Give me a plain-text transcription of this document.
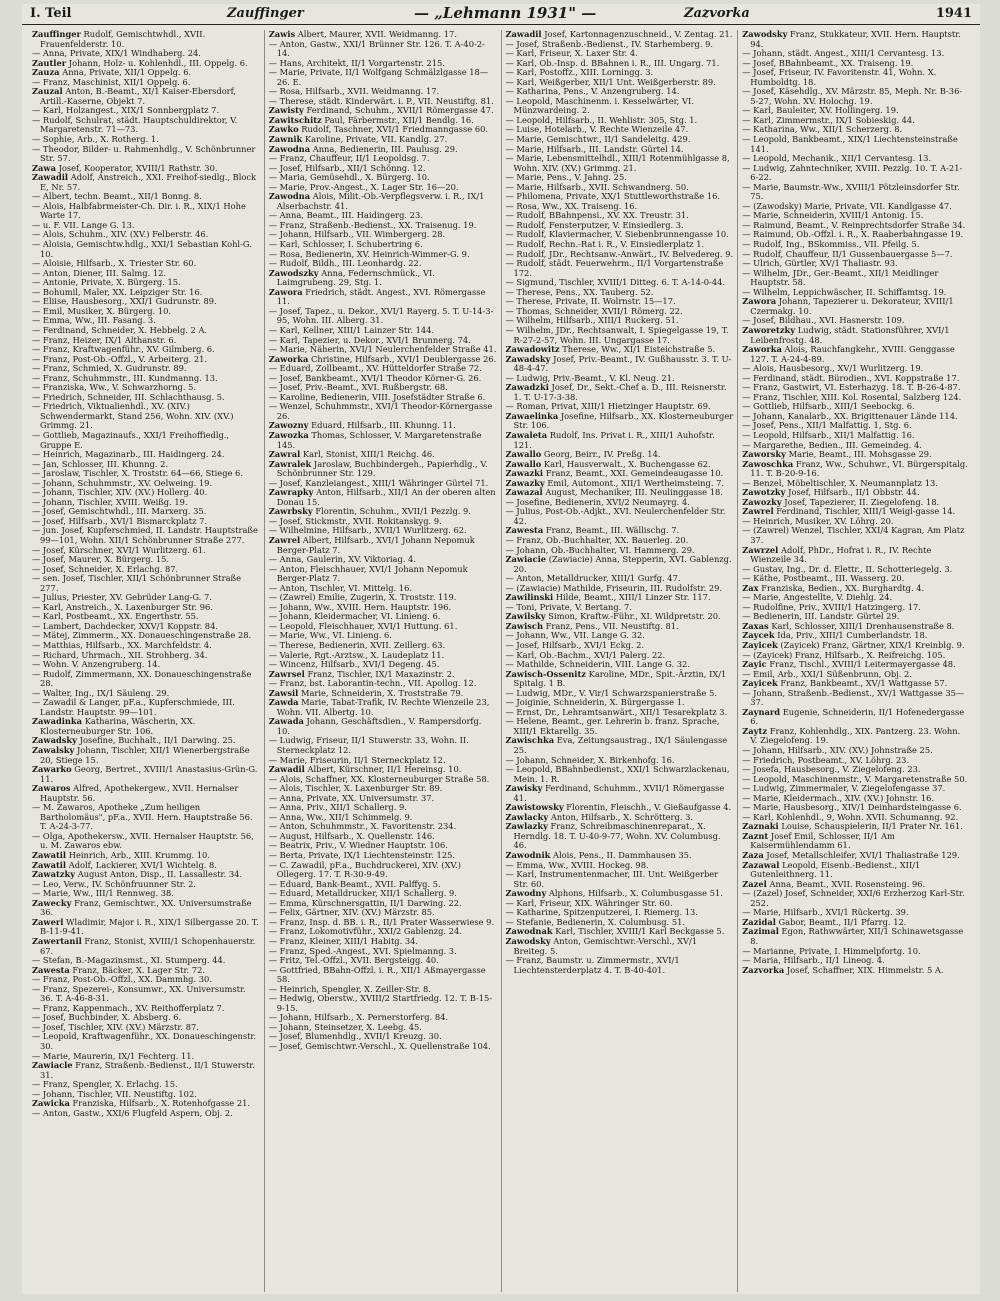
I. Teil	Zauffinger	— „Lehmann 1931" —	Zazvorka	1941

Zauffinger Rudolf, Gemischtwhdl., XVII. Frauenfelderstr. 10.

— Anna, Private, XIX/1 Windhaberg. 24.

Zautler Johann, Holz- u. Kohlenhdl., III. Oppelg. 6.

Zauza Anna, Private, XII/1 Oppelg. 6.

— Franz, Maschinist, XII/1 Oppelg. 6.

Zauzal Anton, B.-Beamt., XI/1 Kaiser-Ebersdorf, Artill.-Kaserne, Objekt 7.

— Karl, Holzangest., XIX/1 Sonnbergplatz 7.

— Rudolf, Schulrat, städt. Hauptschuldirektor, V. Margaretenstr. 71—73.

— Sophie, Arb., X. Rotherg. 1.

— Theodor, Bilder- u. Rahmenhdlg., V. Schönbrunner Str. 57.

Zawa Josef, Kooperator, XVIII/1 Rathstr. 30.

Zawadil Adolf, Anstreich., XXI. Freihof-siedlg., Block E, Nr. 57.

— Albert, techn. Beamt., XII/1 Bonng. 8.

— Alois, Halbfabrmeister-Ch. Dir. i. R., XIX/1 Hohe Warte 17.

— u. F. VII. Lange G. 13.

— Alois, Schuhm., XIV. (XV.) Felberstr. 46.

— Aloisia, Gemischtw.hdlg., XXI/1 Sebastian Kohl-G. 10.

— Aloisie, Hilfsarb., X. Triester Str. 60.

— Anton, Diener, III. Salmg. 12.

— Antonie, Private, X. Bürgerg. 15.

— Bohumil, Maler, XX. Leipziger Str. 16.

— Eliise, Hausbesorg., XXI/1 Gudrunstr. 89.

— Emil, Musiker, X. Bürgerg. 10.

— Emma, Ww., III. Fasang. 3.

— Ferdinand, Schneider, X. Hebbelg. 2 A.

— Franz, Heizer, IX/1 Althanstr. 6.

— Franz, Kraftwagenführ., XV. Gilmberg. 6.

— Franz, Post-Ob.-Offzl., V. Arbeiterg. 21.

— Franz, Schmied, X. Gudrunstr. 89.

— Franz, Schuhmmstr., III. Kundmanng. 13.

— Franziska, Ww., V. Schwarzhorng. 5.

— Friedrich, Schneider, III. Schlachthausg. 5.

— Friedrich, Viktualienhdl., XV. (XIV.) Schwendermarkt, Stand 256, Wohn. XIV. (XV.) Grimmg. 21.

— Gottlieb, Magazinaufs., XXI/1 Freihoffiedlg., Gruppe E.

— Heinrich, Magazinarb., III. Haidingerg. 24.

— Jan, Schlosser, III. Khunng. 2.

— Jaroslaw, Tischler, X. Troststr. 64—66, Stiege 6.

— Johann, Schuhmmstr., XV. Oelweing. 19.

— Johann, Tischler, XIV. (XV.) Hollerg. 40.

— Johann, Tischler, XVIII. Weißg. 19.

— Josef, Gemischtwhdl., III. Marxerg. 35.

— Josef, Hilfsarb., XVI/1 Bismarckplatz 7.

— jun. Josef, Kupferschmied, II. Landstr. Hauptstraße 99—101, Wohn. XII/1 Schönbrunner Straße 277.

— Josef, Kürschner, XVI/1 Wurlitzerg. 61.

— Josef, Maurer, X. Bürgerg. 15.

— Josef, Schneider, X. Erlachg. 87.

— sen. Josef, Tischler, XII/1 Schönbrunner Straße 277.

— Julius, Priester, XV. Gebrüder Lang-G. 7.

— Karl, Anstreich., X. Laxenburger Str. 96.

— Karl, Postbeamt., XX. Engerthstr. 55.

— Lambert, Dachdecker, XXV/1 Koppstr. 84.

— Mätej, Zimmerm., XX. Donaueschingenstraße 28.

— Matthias, Hilfsarb., XX. Marchfeldstr. 4.

— Richard, Uhrmach., XII. Strohberg. 34.

— Wohn. V. Anzengruberg. 14.

— Rudolf, Zimmermann, XX. Donaueschingenstraße 28.

— Walter, Ing., IX/1 Säuleng. 29.

— Zawadil & Langer, pF.a., Kupferschmiede, III. Landstr. Hauptstr. 99—101.

Zawadinka Katharina, Wäscherin, XX. Klosterneuburger Str. 106.

Zawadsky Josefine, Buchhalt., II/1 Darwing. 25.

Zawalsky Johann, Tischler, XII/1 Wienerbergstraße 20, Stiege 15.

Zawarko Georg, Bertret., XVIII/1 Anastasius-Grün-G. 11.

Zawaros Alfred, Apothekergew., XVII. Hernalser Hauptstr. 56.

— M. Zawaros, Apotheke „Zum heiligen Bartholomäus", pF.a., XVII. Hern. Hauptstraße 56. T. A-24-3-77.

— Olga, Apothekersw., XVII. Hernalser Hauptstr. 56, u. M. Zawaros ebw.

Zawatil Heinrich, Arb., XIII. Krummg. 10.

Zawatil Adolf, Lackierer, XVI/1 Wichtelg. 8.

Zawatzky August Anton, Disp., II. Lassallestr. 34.

— Leo, Verw., IV. Schönfruunner Str. 2.

— Marie, Ww., III/1 Rennweg. 38.

Zawecky Franz, Gemischtwr., XX. Universumstraße 36.

Zawerl Wladimir, Major i. R., XIX/1 Silbergasse 20. T. B-11-9-41.

Zawertanil Franz, Stonist, XVIII/1 Schopenhauerstr. 67.

— Stefan, B.-Magazinsmst., XI. Stumperg. 44.

Zawesta Franz, Bäcker, X. Lager Str. 72.

— Franz, Post-Ob.-Offzl., XX. Dammhg. 30.

— Franz, Spezerei-, Konsumwr., XX. Universumstr. 36. T. A-46-8-31.

— Franz, Kappenmach., XV. Reithofferplatz 7.

— Josef, Buchbinder, X. Absberg. 6.

— Josef, Tischler, XIV. (XV.) Märzstr. 87.

— Leopold, Kraftwagenführ., XX. Donaueschingenstr. 30.

— Marie, Maurerin, IX/1 Fechterg. 11.

Zawiacle Franz, Straßenb.-Bedienst., II/1 Stuwerstr. 31.

— Franz, Spengler, X. Erlachg. 15.

— Johann, Tischler, VII. Neustiftg. 102.

Zawicka Franziska, Hilfsarb., X. Rotenhofgasse 21.

— Anton, Gastw., XXI/6 Flugfeld Aspern, Obj. 2.

Zawis Albert, Maurer, XVII. Weidmanng. 17.

— Anton, Gastw., XXI/1 Brünner Str. 126. T. A-40-2-14.

— Hans, Architekt, II/1 Vorgartenstr. 215.

— Marie, Private, II/1 Wolfgang Schmälzlgasse 18—26. E.

— Rosa, Hilfsarb., XVII. Weidmanng. 17.

— Therese, städt. Kinderwärt. i. P., VII. Neustiftg. 81.

Zawisty Ferdinand, Schuhm., XVII/1 Römergasse 47.

Zawitschitz Paul, Färbermstr., XII/1 Bendlg. 16.

Zawko Rudolf, Taschner, XVI/1 Friedmanngasse 60.

Zawnik Karoline, Private, VII. Kandlg. 27.

Zawodna Anna, Bedienerin, III. Paulusg. 29.

— Franz, Chauffeur, II/1 Leopoldsg. 7.

— Josef, Hilfsarb., XII/1 Schönng. 12.

— Maria, Gemüsehdl., X. Bürgerg. 10.

— Marie, Prov.-Angest., X. Lager Str. 16—20.

Zawodna Alois, Milit.-Ob.-Verpflegsverw. i. R., IX/1 Alserbachstr. 41.

— Anna, Beamt., III. Haidingerg. 23.

— Franz, Straßenb.-Bedienst., XX. Traisenug. 19.

— Johann, Hilfsarb., VII. Wimbergerg. 28.

— Karl, Schlosser, I. Schubertring 6.

— Rosa, Bedienerin, XV. Heinrich-Wimmer-G. 9.

— Rudolf, Bildh., III. Leonhardg. 22.

Zawodszky Anna, Federnschmück., VI. Laimgrubeng. 29, Stg. 1.

Zawora Friedrich, städt. Angest., XVI. Römergasse 11.

— Josef, Tapez., u. Dekor., XVI/1 Rayerg. 5. T. U-14-3-95, Wohn. III. Alberg. 31.

— Karl, Kellner, XIII/1 Lainzer Str. 144.

— Karl, Tapezier, u. Dekor., XVI/1 Brunnerg. 74.

— Marie, Näherin, XVI/1 Neulerchenfelder Straße 41.

Zaworka Christine, Hilfsarb., XVI/1 Deublergasse 26.

— Eduard, Zollbeamt., XV. Hütteldorfer Straße 72.

— Josef, Bankbeamt., XVI/1 Theodor Körner-G. 26.

— Josef, Priv.-Beamt., XVI. Rußbergstr. 68.

— Karoline, Bedienerin, VIII. Josefstädter Straße 6.

— Wenzel, Schuhmmstr., XVI/1 Theodor-Körnergasse 26.

Zawozny Eduard, Hilfsarb., III. Khunng. 11.

Zawozka Thomas, Schlosser, V. Margaretenstraße 145.

Zawral Karl, Stonist, XIII/1 Reichg. 46.

Zawralek Jaroslaw, Buchbindergeh., Papierhdlg., V. Schönbrunner Str. 129.

— Josef, Kanzleiangest., XIII/1 Währinger Gürtel 71.

Zawrapky Anton, Hilfsarb., XII/1 An der oberen alten Donau 15.

Zawrbsky Florentin, Schuhm., XVII/1 Pezzlg. 9.

— Josef, Stickmstr., XVII. Rokitanskyg. 9.

— Wilhelmine, Hilfsarb., XVII/1 Wurlitzerg. 62.

Zawrel Albert, Hilfsarb., XVI/1 Johann Nepomuk Berger-Platz 7.

— Anna, Gaulerin, XV. Viktoriag. 4.

— Anton, Fleischhauer, XVI/1 Johann Nepomuk Berger-Platz 7.

— Anton, Tischler, VI. Mittelg. 16.

— (Zawrel) Emilie, Zugerin, X. Troststr. 119.

— Johann, Ww., XVIII. Hern. Hauptstr. 196.

— Johann, Kleidermacher, VI. Linieng. 6.

— Leopold, Fleischhauer, XVI/1 Huttung. 61.

— Marie, Ww., VI. Linieng. 6.

— Therese, Bedienerin, XVII. Zeillerg. 63.

— Valerie, Rgt.-Arztsw., X. Laudeplatz 11.

— Wincenz, Hilfsarb., XVI/1 Degeng. 45.

Zawrsel Franz, Tischler, IX/1 Maxazinstr. 2.

— Franz, bst. Laborantin-techn., VII. Apollog. 12.

Zawsil Marie, Schneiderin, X. Troststraße 79.

Zawda Marie, Tabat-Trafik, IV. Rechte Wienzeile 23, Wohn. VII. Albertg. 10.

Zawada Johann, Geschäftsdien., V. Rampersdorfg. 10.

— Ludwig, Friseur, II/1 Stuwerstr. 33, Wohn. II. Sterneckplatz 12.

— Marie, Friseurin, II/1 Sterneckplatz 12.

Zawadil Albert, Kürschner, II/1 Hereinsg. 10.

— Alois, Schaffner, XX. Klosterneuburger Straße 58.

— Alois, Tischler, X. Laxenburger Str. 89.

— Anna, Private, XX. Universumstr. 37.

— Anna, Priv., XII/1 Schallerg. 9.

— Anna, Ww., XII/1 Schimmelg. 9.

— Anton, Schuhmmstr., X. Favoritenstr. 234.

— August, Hilfsarb., X. Quellenstr. 146.

— Beatrix, Priv., V. Wiedner Hauptstr. 106.

— Berta, Private, IX/1 Liechtensteinstr. 125.

— C. Zawadil, pF.a., Buchdruckerei, XIV. (XV.) Ollegerg. 17. T. R-30-9-49.

— Eduard, Bank-Beamt., XVII. Palffyg. 5.

— Eduard, Metalldrucker, XII/1 Schallerg. 9.

— Emma, Kürschnersgattin, II/1 Darwing. 22.

— Felix, Gärtner, XIV. (XV.) Märzstr. 85.

— Franz, Insp. d. BB. i. R., II/1 Prater Wasserwiese 9.

— Franz, Lokomotivführ., XXI/2 Gablenzg. 24.

— Franz, Kleiner, XIII/1 Habitg. 34.

— Franz, Sped.-Angest., XVI. Spielmanng. 3.

— Fritz, Tel.-Offzl., XVII. Bergsteigg. 40.

— Gottfried, BBahn-Offzl. i. R., XII/1 Aßmayergasse 58.

— Heinrich, Spengler, X. Zeiller-Str. 8.

— Hedwig, Oberstw., XVIII/2 Startfriedg. 12. T. B-15-9-15.

— Johann, Hilfsarb., X. Pernerstorferg. 84.

— Johann, Steinsetzer, X. Leebg. 45.

— Josef, Blumenhdlg., XVII/1 Kreuzg. 30.

— Josef, Gemischtwr.-Verschl., X. Quellenstraße 104.

Zawadil Josef, Kartonnagenzuschneid., V. Zentag. 21.

— Josef, Straßenb.-Bedienst., IV. Starhemberg. 9.

— Karl, Friseur, X. Laxer Str. 4.

— Karl, Ob.-Insp. d. BBahnen i. R., III. Ungarg. 71.

— Karl, Postoffz., XIII. Lorningg. 3.

— Karl, Weißgerber, XII/1 Unt. Weißgerberstr. 89.

— Katharina, Pens., V. Anzengruberg. 14.

— Leopold, Maschinenm. i. Kesselwärter, VI. Münzwardeing. 2.

— Leopold, Hilfsarb., II. Wehlistr. 305, Stg. 1.

— Luise, Hotelarb., V. Rechte Wienzeile 47.

— Marie, Gemischtwr., II/1 Sandeleitg. 429.

— Marie, Hilfsarb., III. Landstr. Gürtel 14.

— Marie, Lebensmittelhdl., XIII/1 Rotenmühlgasse 8, Wohn. XIV. (XV.) Grimmg. 21.

— Marie, Pens., V. Jahng. 25.

— Marie, Hilfsarb., XVII. Schwandnerg. 50.

— Philomena, Private, XX/1 Stuttleworthstraße 16.

— Rosa, Ww., XX. Traiseng. 16.

— Rudolf, BBahnpensi., XV. XX. Treustr. 31.

— Rudolf, Fensterputzer, V. Einsiedlerg. 3.

— Rudolf, Klaviermacher, V. Siebenbrunnengasse 10.

— Rudolf, Rechn.-Rat i. R., V. Einsiedlerplatz 1.

— Rudolf, JDr., Rechtsanw.-Anwärt., IV. Belvedereg. 9.

— Rudolf, städt. Feuerwehrm., II/1 Vorgartenstraße 172.

— Sigmund, Tischler, XVIII/1 Ditteg. 6. T. A-14-0-44.

— Therese, Pens., XX. Tauberg. 52.

— Therese, Private, II. Wolrnstr. 15—17.

— Thomas, Schneider, XVII/1 Römerg. 22.

— Wilhelm, Hilfsarb., XIII/1 Ruckerg. 51.

— Wilhelm, JDr., Rechtsanwalt, I. Spiegelgasse 19, T. R-27-2-57, Wohn. III. Ungargasse 17.

Zawadowitz Therese, Ww., XI/1 Eisteichstraße 5.

Zawadsky Josef, Priv.-Beamt., IV. Gußhausstr. 3. T. U-48-4-47.

— Ludwig, Priv.-Beamt., V. Kl. Neug. 21.

Zawadzki Josef, Dr., Sekt.-Chef a. D., III. Reisnerstr. 1. T. U-17-3-38.

— Roman, Privat, XIII/1 Hietzinger Hauptstr. 69.

Zawaelinka Josefine, Hilfsarb., XX. Klosterneuburger Str. 106.

Zawaleta Rudolf, Ins. Privat i. R., XIII/1 Auhofstr. 121.

Zawallo Georg, Beirr., IV. Preßg. 14.

Zawallo Karl, Hausverwalt., X. Buchengasse 62.

Zawazki Franz, Beamt., XXI. Gemeindeaugasse 10.

Zawazky Emil, Automont., XII/1 Wertheimsteing. 7.

Zawazal August, Mechaniker, III. Neulinggasse 18.

— Josefine, Bedienerin, XVI/2 Neumayrg. 4.

— Julius, Post-Ob.-Adjkt., XVI. Neulerchenfelder Str. 42.

Zawesta Franz, Beamt., III. Wällischg. 7.

— Franz, Ob.-Buchhalter, XX. Bauerleg. 20.

— Johann, Ob.-Buchhalter, VI. Hammerg. 29.

Zawiacie (Zawiacie) Anna, Stepperin, XVI. Gablenzg. 20.

— Anton, Metalldrucker, XIII/1 Gurfg. 47.

— (Zawiacie) Mathilde, Friseurin, III. Rudolfstr. 29.

Zawilinski Hilde, Beamt., XIII/1 Linzer Str. 117.

— Toni, Private, V. Bertang. 7.

Zawilsky Simon, Kraftw.-Führ., XI. Wildpretstr. 20.

Zawisch Franz, Pens., VII. Neustiftg. 81.

— Johann, Ww., VII. Lange G. 32.

— Josef, Hilfsarb., XVI/1 Eckg. 2.

— Karl, Ob.-Bachm., XVI/1 Palerg. 22.

— Mathilde, Schneiderin, VIII. Lange G. 32.

Zawisch-Ossenitz Karoline, MDr., Spit.-Ärztin, IX/1 Spitalg. 1 B.

— Ludwig, MDr., V. Vir/1 Schwarzspanierstraße 5.

— Joiginie, Schneiderin, X. Bürgergasse 1.

— Ernst, Dr., Lehramtsanwärt., XII/1 Tesarekplatz 3.

— Helene, Beamt., ger. Lehrerin b. franz. Sprache, XIII/1 Ektarellg. 35.

Zawischka Eva, Zeitungsaustrag., IX/1 Säulengasse 25.

— Johann, Schneider, X. Birkenhofg. 16.

— Leopold, BBahnbedienst., XXI/1 Schwarzlackenau, Mein. 1. R.

Zawisky Ferdinand, Schuhmm., XVII/1 Römergasse 41.

Zawistowsky Florentin, Fleischh., V. Gießaufgasse 4.

Zawlacky Anton, Hilfsarb., X. Schrötterg. 3.

Zawlazky Franz, Schreibmaschinenreparat., X. Herndlg. 18. T. U-40-9-77, Wohn. XV. Columbusg. 46.

Zawodnik Alois, Pens., II. Dammhausen 35.

— Emma, Ww., XVIII. Hockeg. 98.

— Karl, Instrumentenmacher, III. Unt. Weißgerber Str. 60.

Zawodny Alphons, Hilfsarb., X. Columbusgasse 51.

— Karl, Friseur, XIX. Währinger Str. 60.

— Katharine, Spitzenputzerei, I. Riemerg. 13.

— Stefanie, Bedienerin, X. Columbusg. 51.

Zawodnak Karl, Tischler, XVIII/1 Karl Beckgasse 5.

Zawodsky Anton, Gemischtwr.-Verschl., XV/1 Breiteg. 5.

— Franz, Baumstr. u. Zimmermstr., XVI/1 Liechtensterderplatz 4. T. B-40-401.

Zawodsky Franz, Stukkateur, XVII. Hern. Hauptstr. 94.

— Johann, städt. Angest., XIII/1 Cervantesg. 13.

— Josef, BBahnbeamt., XX. Traiseng. 19.

— Josef, Friseur, IV. Favoritenstr. 41, Wohn. X. Humboldtg. 18.

— Josef, Käsehdlg., XV. Märzstr. 85, Meph. Nr. B-36-5-27, Wohn. XV. Holochg. 19.

— Karl, Bauleiter, XV. Hollingerg. 19.

— Karl, Zimmermstr., IX/1 Sobieskig. 44.

— Katharina, Ww., XII/1 Scherzerg. 8.

— Leopold, Bankbeamt., XIX/1 Liechtensteinstraße 141.

— Leopold, Mechanik., XII/1 Cervantesg. 13.

— Ludwig, Zahntechniker, XVIII. Pezzlg. 10. T. A-21-6-22.

— Marie, Baumstr.-Ww., XVIII/1 Pötzleinsdorfer Str. 75.

— (Zawodsky) Marie, Private, VII. Kandlgasse 47.

— Marie, Schneiderin, XVIII/1 Antonig. 15.

— Raimund, Beamt., V. Reinprechtsdorfer Straße 34.

— Raimund, Ob.-Offzl. i. R., X. Raaberbahngasse 19.

— Rudolf, Ing., BSkommiss., VII. Pfeilg. 5.

— Rudolf, Chauffeur, II/1 Gussenbauergasse 5—7.

— Ulrich, Gürtler, XV/1 Thaliastr. 93.

— Wilhelm, JDr., Ger.-Beamt., XII/1 Meidlinger Hauptstr. 58.

— Wilhelm, Leppichwäscher, II. Schiffamtsg. 19.

Zawora Johann, Tapezierer u. Dekorateur, XVIII/1 Czermakg. 10.

— Josef, Bildhau., XVI. Hasnerstr. 109.

Zaworetzky Ludwig, städt. Stationsführer, XVI/1 Leibenfrostg. 48.

Zaworka Alois, Rauchfangkehr., XVIII. Genggasse 127. T. A-24-4-89.

— Alois, Hausbesorg., XV/1 Wurlitzerg. 19.

— Ferdinand, städt. Bürodien., XVI. Koppstraße 17.

— Franz, Gastwirt, VI. Esterhazyg. 18. T. B-26-4-87.

— Franz, Tischler, XIII. Kol. Rosental, Salzberg 124.

— Gottlieb, Hilfsarb., XIII/1 Seebockg. 6.

— Johann, Kanalarb., XX. Brigittenauer Lände 114.

— Josef, Pens., XII/1 Malfattig. 1, Stg. 6.

— Leopold, Hilfsarb., XII/1 Malfattig. 16.

— Margarethe, Bedien., III. Gemeindeg. 4.

Zaworsky Marie, Beamt., III. Mohsgasse 29.

Zawoschka Franz, Ww., Schuhwr., VI. Bürgerspitalg. 11. T. B-20-9-16.

— Benzel, Möbeltischler, X. Neumannplatz 13.

Zawotzky Josef, Hilfsarb., II/1 Obbstr. 44.

Zawozky Josef, Tapezierer, II. Ziegelofeng. 18.

Zawrel Ferdinand, Tischler, XIII/1 Weigl-gasse 14.

— Heinrich, Musiker, XV. Löhrg. 20.

— (Zawrel) Wenzel, Tischler, XXI/4 Kagran, Am Platz 37.

Zawrzel Adolf, PhDr., Hofrat i. R., IV. Rechte Wienzeile 34.

— Gustav, Ing., Dr. d. Elettr., II. Schotteriegelg. 3.

— Käthe, Postbeamt., III. Wasserg. 20.

Zax Franziska, Bedien., XX. Burghardtg. 4.

— Marie, Angestellte, V. Diehlg. 24.

— Rudolfine, Priv., XVIII/1 Hatzingerg. 17.

— Bedienerin, III. Landstr. Gürtel 29.

Zaxas Karl, Schlosser, XIII/1 Drenhausenstraße 8.

Zaycek Ida, Priv., XIII/1 Cumberlandstr. 18.

Zayicek (Zayicek) Franz, Gärtner, XIX/1 Kreinblg. 9.

— (Zayicek) Franz, Hilfsarb., X. Reifreichg. 105.

Zayic Franz, Tischl., XVIII/1 Leitermayergasse 48.

— Emil, Arb., XXI/1 Süßenbrunn, Obj. 2.

Zayicek Franz, Bankbeamt., XV/1 Wattgasse 57.

— Johann, Straßenb.-Bedienst., XV/1 Wattgasse 35—37.

Zaynard Eugenie, Schneiderin, II/1 Hofenedergasse 6.

Zaytz Franz, Kohlenhdlg., XIX. Pantzerg. 23. Wohn. V. Ziegelofeng. 19.

— Johann, Hilfsarb., XIV. (XV.) Johnstraße 25.

— Friedrich, Postbeamt., XV. Löhrg. 23.

— Josefa, Hausbesorg., V. Ziegelofeng. 23.

— Leopold, Maschinenmstr., V. Margaretenstraße 50.

— Ludwig, Zimmermaler, V. Ziegelofengasse 37.

— Marie, Kleidermach., XIV. (XV.) Johnstr. 16.

— Marie, Hausbesorg., XIV/1 Deinhardsteingasse 6.

— Karl, Kohlenhdl., 9, Wohn. XVII. Schumanng. 92.

Zaznaki Louise, Schauspielerin, II/1 Prater Nr. 161.

Zaznt Josef Emil, Schlosser, II/1 Am Kaisermühlendamm 61.

Zaza Josef, Metallschleifer, XVI/1 Thaliastraße 129.

Zazawal Leopold, Eisenb.-Bedienst., XII/1 Gutenleithnerg. 11.

Zazel Anna, Beamt., XVII. Rosensteing. 96.

— (Zazel) Josef, Schneider, XXI/6 Erzherzog Karl-Str. 252.

— Marie, Hilfsarb., XVI/1 Rückertg. 39.

Zazidal Gabor, Beamt., II/1 Pfarrg. 12.

Zazimal Egon, Rathwwärter, XII/1 Schinawetsgasse 8.

— Marianne, Private, I. Himmelpfortg. 10.

— Maria, Hilfsarb., II/1 Lineog. 4.

Zazvorka Josef, Schaffner, XIX. Himmelstr. 5 A.
